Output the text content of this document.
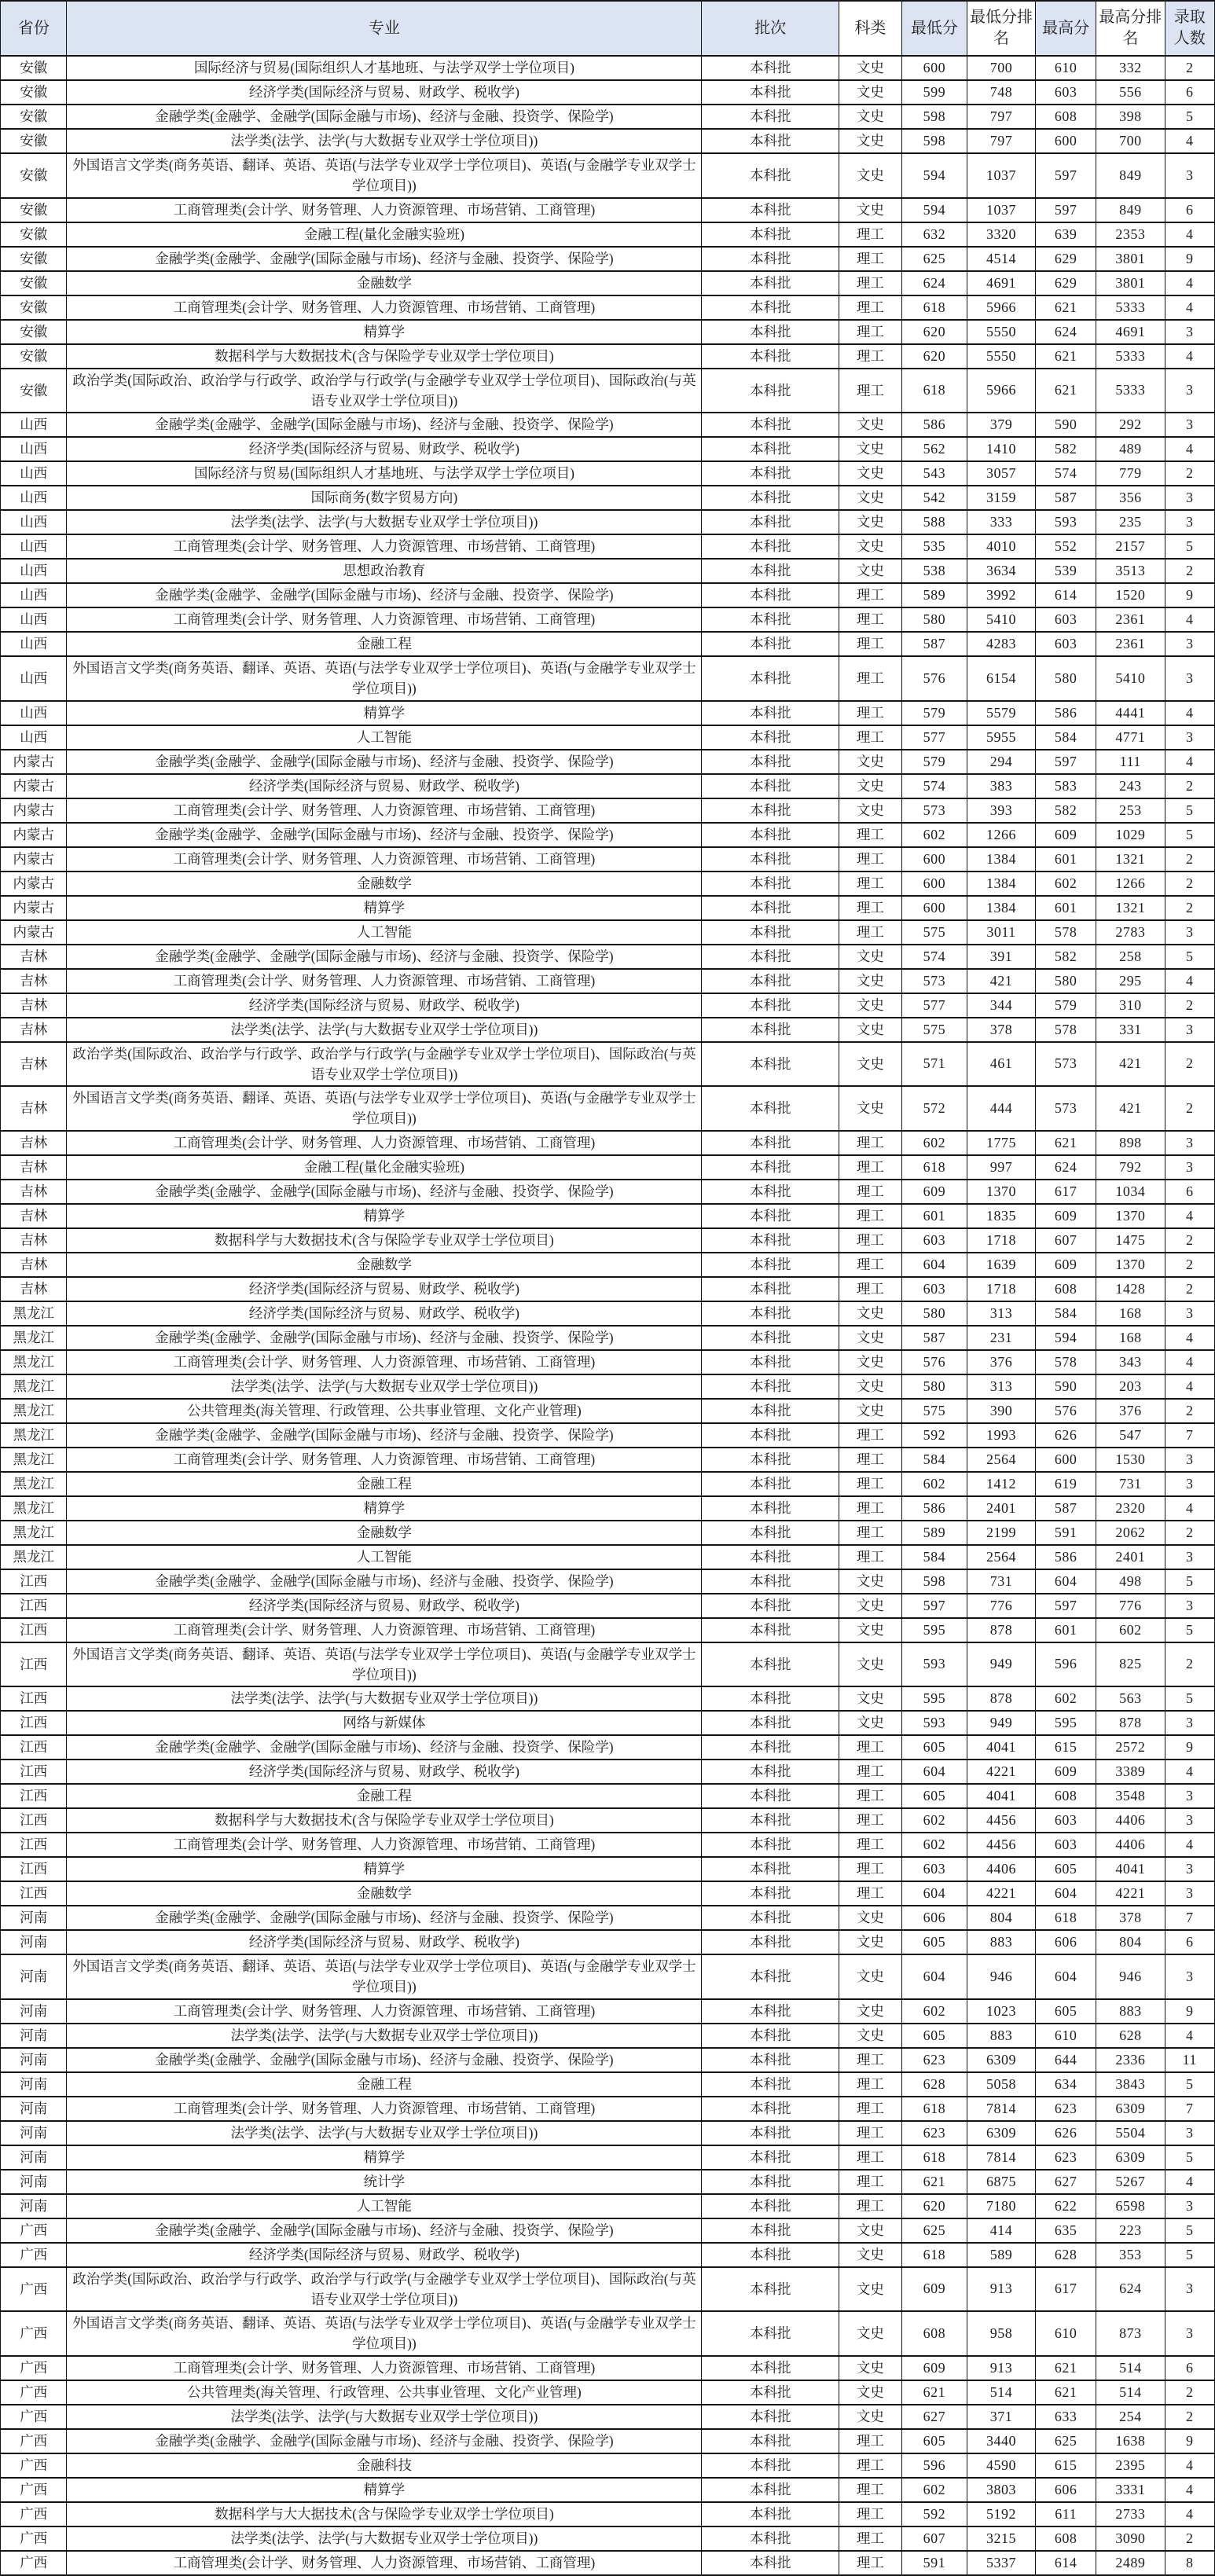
省份	专业	批次	科类	最低分	最低分排名	最高分	最高分排名	录取人数
安徽	国际经济与贸易(国际组织人才基地班、与法学双学士学位项目)	本科批	文史	600	700	610	332	2
安徽	经济学类(国际经济与贸易、财政学、税收学)	本科批	文史	599	748	603	556	6
安徽	金融学类(金融学、金融学(国际金融与市场)、经济与金融、投资学、保险学)	本科批	文史	598	797	608	398	5
安徽	法学类(法学、法学(与大数据专业双学士学位项目))	本科批	文史	598	797	600	700	4
安徽	外国语言文学类(商务英语、翻译、英语、英语(与法学专业双学士学位项目)、英语(与金融学专业双学士学位项目))	本科批	文史	594	1037	597	849	3
安徽	工商管理类(会计学、财务管理、人力资源管理、市场营销、工商管理)	本科批	文史	594	1037	597	849	6
安徽	金融工程(量化金融实验班)	本科批	理工	632	3320	639	2353	4
安徽	金融学类(金融学、金融学(国际金融与市场)、经济与金融、投资学、保险学)	本科批	理工	625	4514	629	3801	9
安徽	金融数学	本科批	理工	624	4691	629	3801	4
安徽	工商管理类(会计学、财务管理、人力资源管理、市场营销、工商管理)	本科批	理工	618	5966	621	5333	4
安徽	精算学	本科批	理工	620	5550	624	4691	3
安徽	数据科学与大数据技术(含与保险学专业双学士学位项目)	本科批	理工	620	5550	621	5333	4
安徽	政治学类(国际政治、政治学与行政学、政治学与行政学(与金融学专业双学士学位项目)、国际政治(与英语专业双学士学位项目))	本科批	理工	618	5966	621	5333	3
山西	金融学类(金融学、金融学(国际金融与市场)、经济与金融、投资学、保险学)	本科批	文史	586	379	590	292	3
山西	经济学类(国际经济与贸易、财政学、税收学)	本科批	文史	562	1410	582	489	4
山西	国际经济与贸易(国际组织人才基地班、与法学双学士学位项目)	本科批	文史	543	3057	574	779	2
山西	国际商务(数字贸易方向)	本科批	文史	542	3159	587	356	3
山西	法学类(法学、法学(与大数据专业双学士学位项目))	本科批	文史	588	333	593	235	3
山西	工商管理类(会计学、财务管理、人力资源管理、市场营销、工商管理)	本科批	文史	535	4010	552	2157	5
山西	思想政治教育	本科批	文史	538	3634	539	3513	2
山西	金融学类(金融学、金融学(国际金融与市场)、经济与金融、投资学、保险学)	本科批	理工	589	3992	614	1520	9
山西	工商管理类(会计学、财务管理、人力资源管理、市场营销、工商管理)	本科批	理工	580	5410	603	2361	4
山西	金融工程	本科批	理工	587	4283	603	2361	3
山西	外国语言文学类(商务英语、翻译、英语、英语(与法学专业双学士学位项目)、英语(与金融学专业双学士学位项目))	本科批	理工	576	6154	580	5410	3
山西	精算学	本科批	理工	579	5579	586	4441	4
山西	人工智能	本科批	理工	577	5955	584	4771	3
内蒙古	金融学类(金融学、金融学(国际金融与市场)、经济与金融、投资学、保险学)	本科批	文史	579	294	597	111	4
内蒙古	经济学类(国际经济与贸易、财政学、税收学)	本科批	文史	574	383	583	243	2
内蒙古	工商管理类(会计学、财务管理、人力资源管理、市场营销、工商管理)	本科批	文史	573	393	582	253	5
内蒙古	金融学类(金融学、金融学(国际金融与市场)、经济与金融、投资学、保险学)	本科批	理工	602	1266	609	1029	5
内蒙古	工商管理类(会计学、财务管理、人力资源管理、市场营销、工商管理)	本科批	理工	600	1384	601	1321	2
内蒙古	金融数学	本科批	理工	600	1384	602	1266	2
内蒙古	精算学	本科批	理工	600	1384	601	1321	2
内蒙古	人工智能	本科批	理工	575	3011	578	2783	3
吉林	金融学类(金融学、金融学(国际金融与市场)、经济与金融、投资学、保险学)	本科批	文史	574	391	582	258	5
吉林	工商管理类(会计学、财务管理、人力资源管理、市场营销、工商管理)	本科批	文史	573	421	580	295	4
吉林	经济学类(国际经济与贸易、财政学、税收学)	本科批	文史	577	344	579	310	2
吉林	法学类(法学、法学(与大数据专业双学士学位项目))	本科批	文史	575	378	578	331	3
吉林	政治学类(国际政治、政治学与行政学、政治学与行政学(与金融学专业双学士学位项目)、国际政治(与英语专业双学士学位项目))	本科批	文史	571	461	573	421	2
吉林	外国语言文学类(商务英语、翻译、英语、英语(与法学专业双学士学位项目)、英语(与金融学专业双学士学位项目))	本科批	文史	572	444	573	421	2
吉林	工商管理类(会计学、财务管理、人力资源管理、市场营销、工商管理)	本科批	理工	602	1775	621	898	3
吉林	金融工程(量化金融实验班)	本科批	理工	618	997	624	792	3
吉林	金融学类(金融学、金融学(国际金融与市场)、经济与金融、投资学、保险学)	本科批	理工	609	1370	617	1034	6
吉林	精算学	本科批	理工	601	1835	609	1370	4
吉林	数据科学与大数据技术(含与保险学专业双学士学位项目)	本科批	理工	603	1718	607	1475	2
吉林	金融数学	本科批	理工	604	1639	609	1370	2
吉林	经济学类(国际经济与贸易、财政学、税收学)	本科批	理工	603	1718	608	1428	2
黑龙江	经济学类(国际经济与贸易、财政学、税收学)	本科批	文史	580	313	584	168	3
黑龙江	金融学类(金融学、金融学(国际金融与市场)、经济与金融、投资学、保险学)	本科批	文史	587	231	594	168	4
黑龙江	工商管理类(会计学、财务管理、人力资源管理、市场营销、工商管理)	本科批	文史	576	376	578	343	4
黑龙江	法学类(法学、法学(与大数据专业双学士学位项目))	本科批	文史	580	313	590	203	4
黑龙江	公共管理类(海关管理、行政管理、公共事业管理、文化产业管理)	本科批	文史	575	390	576	376	2
黑龙江	金融学类(金融学、金融学(国际金融与市场)、经济与金融、投资学、保险学)	本科批	理工	592	1993	626	547	7
黑龙江	工商管理类(会计学、财务管理、人力资源管理、市场营销、工商管理)	本科批	理工	584	2564	600	1530	3
黑龙江	金融工程	本科批	理工	602	1412	619	731	3
黑龙江	精算学	本科批	理工	586	2401	587	2320	4
黑龙江	金融数学	本科批	理工	589	2199	591	2062	2
黑龙江	人工智能	本科批	理工	584	2564	586	2401	3
江西	金融学类(金融学、金融学(国际金融与市场)、经济与金融、投资学、保险学)	本科批	文史	598	731	604	498	5
江西	经济学类(国际经济与贸易、财政学、税收学)	本科批	文史	597	776	597	776	3
江西	工商管理类(会计学、财务管理、人力资源管理、市场营销、工商管理)	本科批	文史	595	878	601	602	5
江西	外国语言文学类(商务英语、翻译、英语、英语(与法学专业双学士学位项目)、英语(与金融学专业双学士学位项目))	本科批	文史	593	949	596	825	2
江西	法学类(法学、法学(与大数据专业双学士学位项目))	本科批	文史	595	878	602	563	5
江西	网络与新媒体	本科批	文史	593	949	595	878	3
江西	金融学类(金融学、金融学(国际金融与市场)、经济与金融、投资学、保险学)	本科批	理工	605	4041	615	2572	9
江西	经济学类(国际经济与贸易、财政学、税收学)	本科批	理工	604	4221	609	3389	4
江西	金融工程	本科批	理工	605	4041	608	3548	3
江西	数据科学与大数据技术(含与保险学专业双学士学位项目)	本科批	理工	602	4456	603	4406	3
江西	工商管理类(会计学、财务管理、人力资源管理、市场营销、工商管理)	本科批	理工	602	4456	603	4406	4
江西	精算学	本科批	理工	603	4406	605	4041	3
江西	金融数学	本科批	理工	604	4221	604	4221	3
河南	金融学类(金融学、金融学(国际金融与市场)、经济与金融、投资学、保险学)	本科批	文史	606	804	618	378	7
河南	经济学类(国际经济与贸易、财政学、税收学)	本科批	文史	605	883	606	804	6
河南	外国语言文学类(商务英语、翻译、英语、英语(与法学专业双学士学位项目)、英语(与金融学专业双学士学位项目))	本科批	文史	604	946	604	946	3
河南	工商管理类(会计学、财务管理、人力资源管理、市场营销、工商管理)	本科批	文史	602	1023	605	883	9
河南	法学类(法学、法学(与大数据专业双学士学位项目))	本科批	文史	605	883	610	628	4
河南	金融学类(金融学、金融学(国际金融与市场)、经济与金融、投资学、保险学)	本科批	理工	623	6309	644	2336	11
河南	金融工程	本科批	理工	628	5058	634	3843	5
河南	工商管理类(会计学、财务管理、人力资源管理、市场营销、工商管理)	本科批	理工	618	7814	623	6309	7
河南	法学类(法学、法学(与大数据专业双学士学位项目))	本科批	理工	623	6309	626	5504	3
河南	精算学	本科批	理工	618	7814	623	6309	5
河南	统计学	本科批	理工	621	6875	627	5267	4
河南	人工智能	本科批	理工	620	7180	622	6598	3
广西	金融学类(金融学、金融学(国际金融与市场)、经济与金融、投资学、保险学)	本科批	文史	625	414	635	223	5
广西	经济学类(国际经济与贸易、财政学、税收学)	本科批	文史	618	589	628	353	5
广西	政治学类(国际政治、政治学与行政学、政治学与行政学(与金融学专业双学士学位项目)、国际政治(与英语专业双学士学位项目))	本科批	文史	609	913	617	624	3
广西	外国语言文学类(商务英语、翻译、英语、英语(与法学专业双学士学位项目)、英语(与金融学专业双学士学位项目))	本科批	文史	608	958	610	873	3
广西	工商管理类(会计学、财务管理、人力资源管理、市场营销、工商管理)	本科批	文史	609	913	621	514	6
广西	公共管理类(海关管理、行政管理、公共事业管理、文化产业管理)	本科批	文史	621	514	621	514	2
广西	法学类(法学、法学(与大数据专业双学士学位项目))	本科批	文史	627	371	633	254	2
广西	金融学类(金融学、金融学(国际金融与市场)、经济与金融、投资学、保险学)	本科批	理工	605	3440	625	1638	9
广西	金融科技	本科批	理工	596	4590	615	2395	4
广西	精算学	本科批	理工	602	3803	606	3331	4
广西	数据科学与大大据技术(含与保险学专业双学士学位项目)	本科批	理工	592	5192	611	2733	4
广西	法学类(法学、法学(与大数据专业双学士学位项目))	本科批	理工	607	3215	608	3090	2
广西	工商管理类(会计学、财务管理、人力资源管理、市场营销、工商管理)	本科批	理工	591	5337	614	2489	8
